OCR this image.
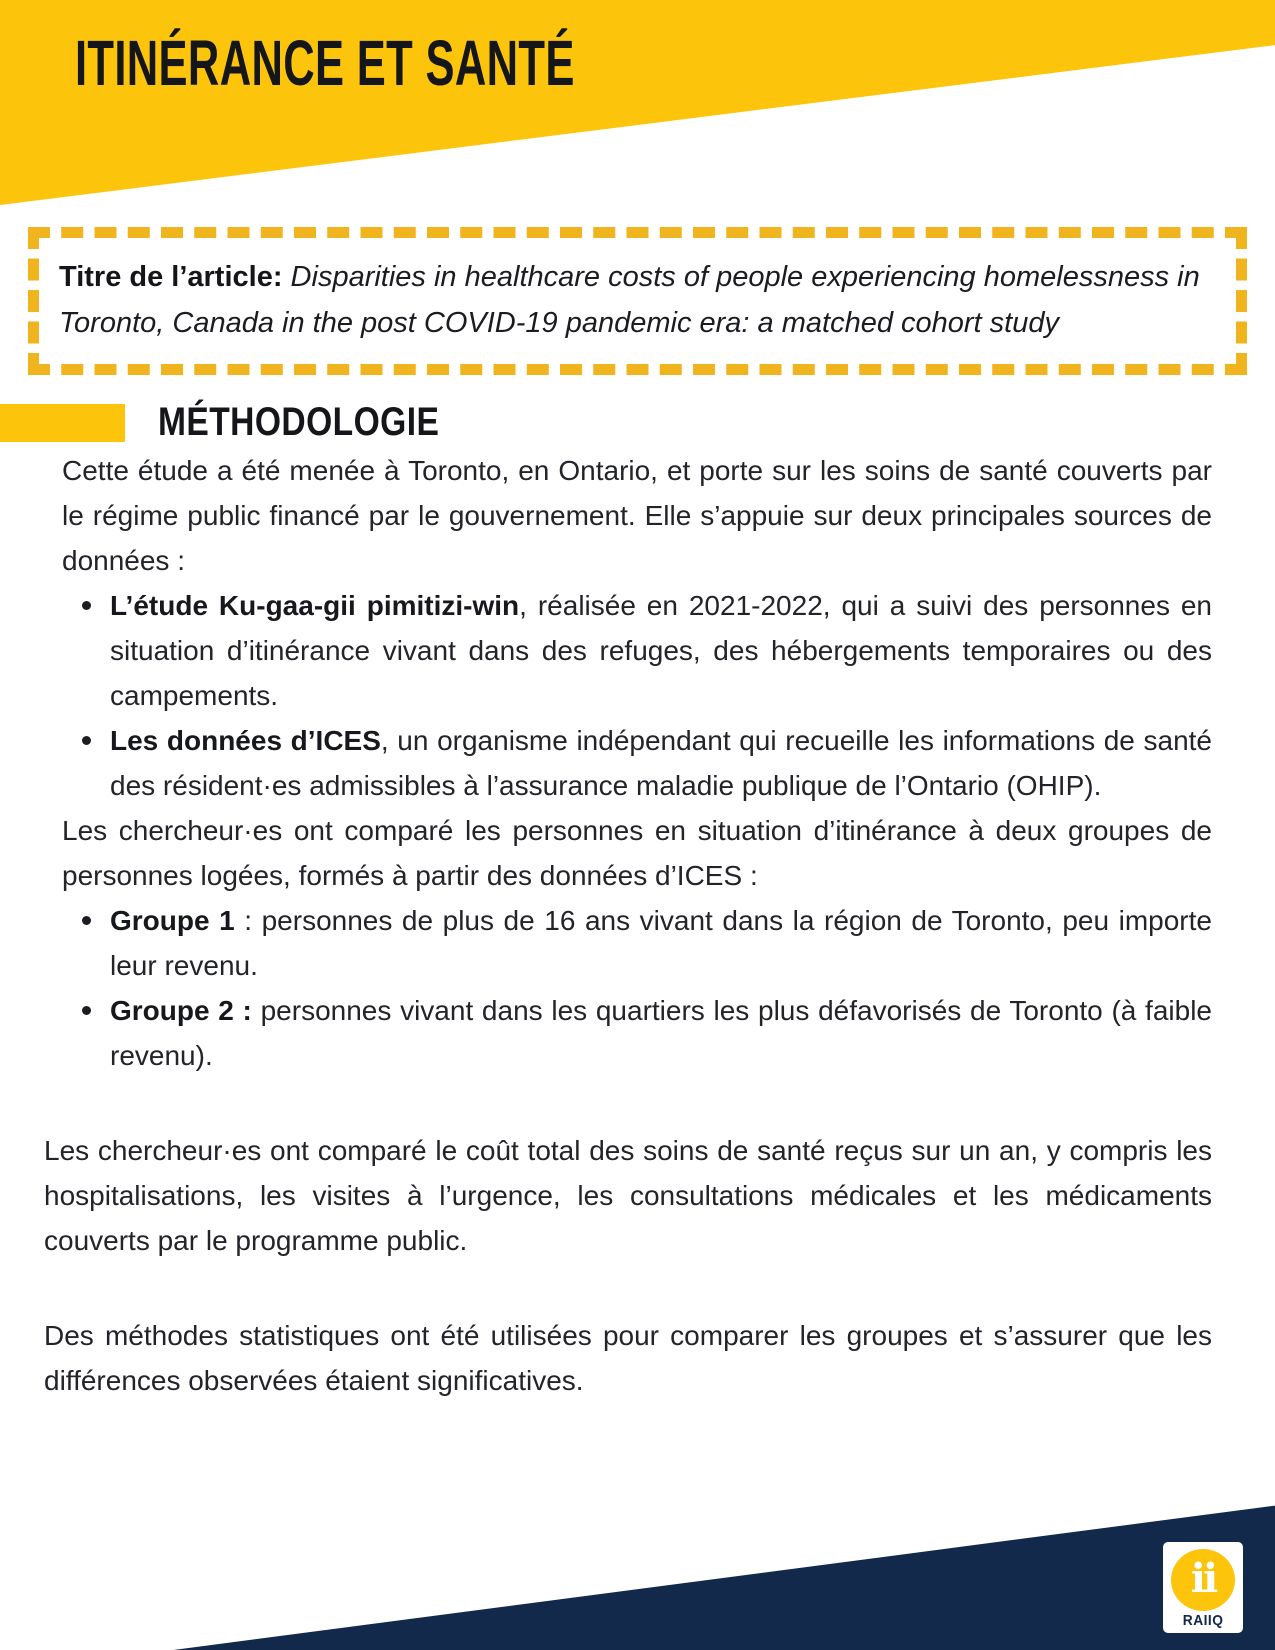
ITINÉRANCE ET SANTÉ
Titre de l’article: Disparities in healthcare costs of people experiencing homelessness in Toronto, Canada in the post COVID-19 pandemic era: a matched cohort study
MÉTHODOLOGIE

Cette étude a été menée à Toronto, en Ontario, et porte sur les soins de santé couverts par le régime public financé par le gouvernement. Elle s’appuie sur deux principales sources de données :

L’étude Ku-gaa-gii pimitizi-win, réalisée en 2021-2022, qui a suivi des personnes en situation d’itinérance vivant dans des refuges, des hébergements temporaires ou des campements.
Les données d’ICES, un organisme indépendant qui recueille les informations de santé des résident·es admissibles à l’assurance maladie publique de l’Ontario (OHIP).

Les chercheur·es ont comparé les personnes en situation d’itinérance à deux groupes de personnes logées, formés à partir des données d’ICES :

Groupe 1 : personnes de plus de 16 ans vivant dans la région de Toronto, peu importe leur revenu.
Groupe 2 : personnes vivant dans les quartiers les plus défavorisés de Toronto (à faible revenu).

Les chercheur·es ont comparé le coût total des soins de santé reçus sur un an, y compris les hospitalisations, les visites à l’urgence, les consultations médicales et les médicaments couverts par le programme public.

Des méthodes statistiques ont été utilisées pour comparer les groupes et s’assurer que les différences observées étaient significatives.

ii
RAIIQ
